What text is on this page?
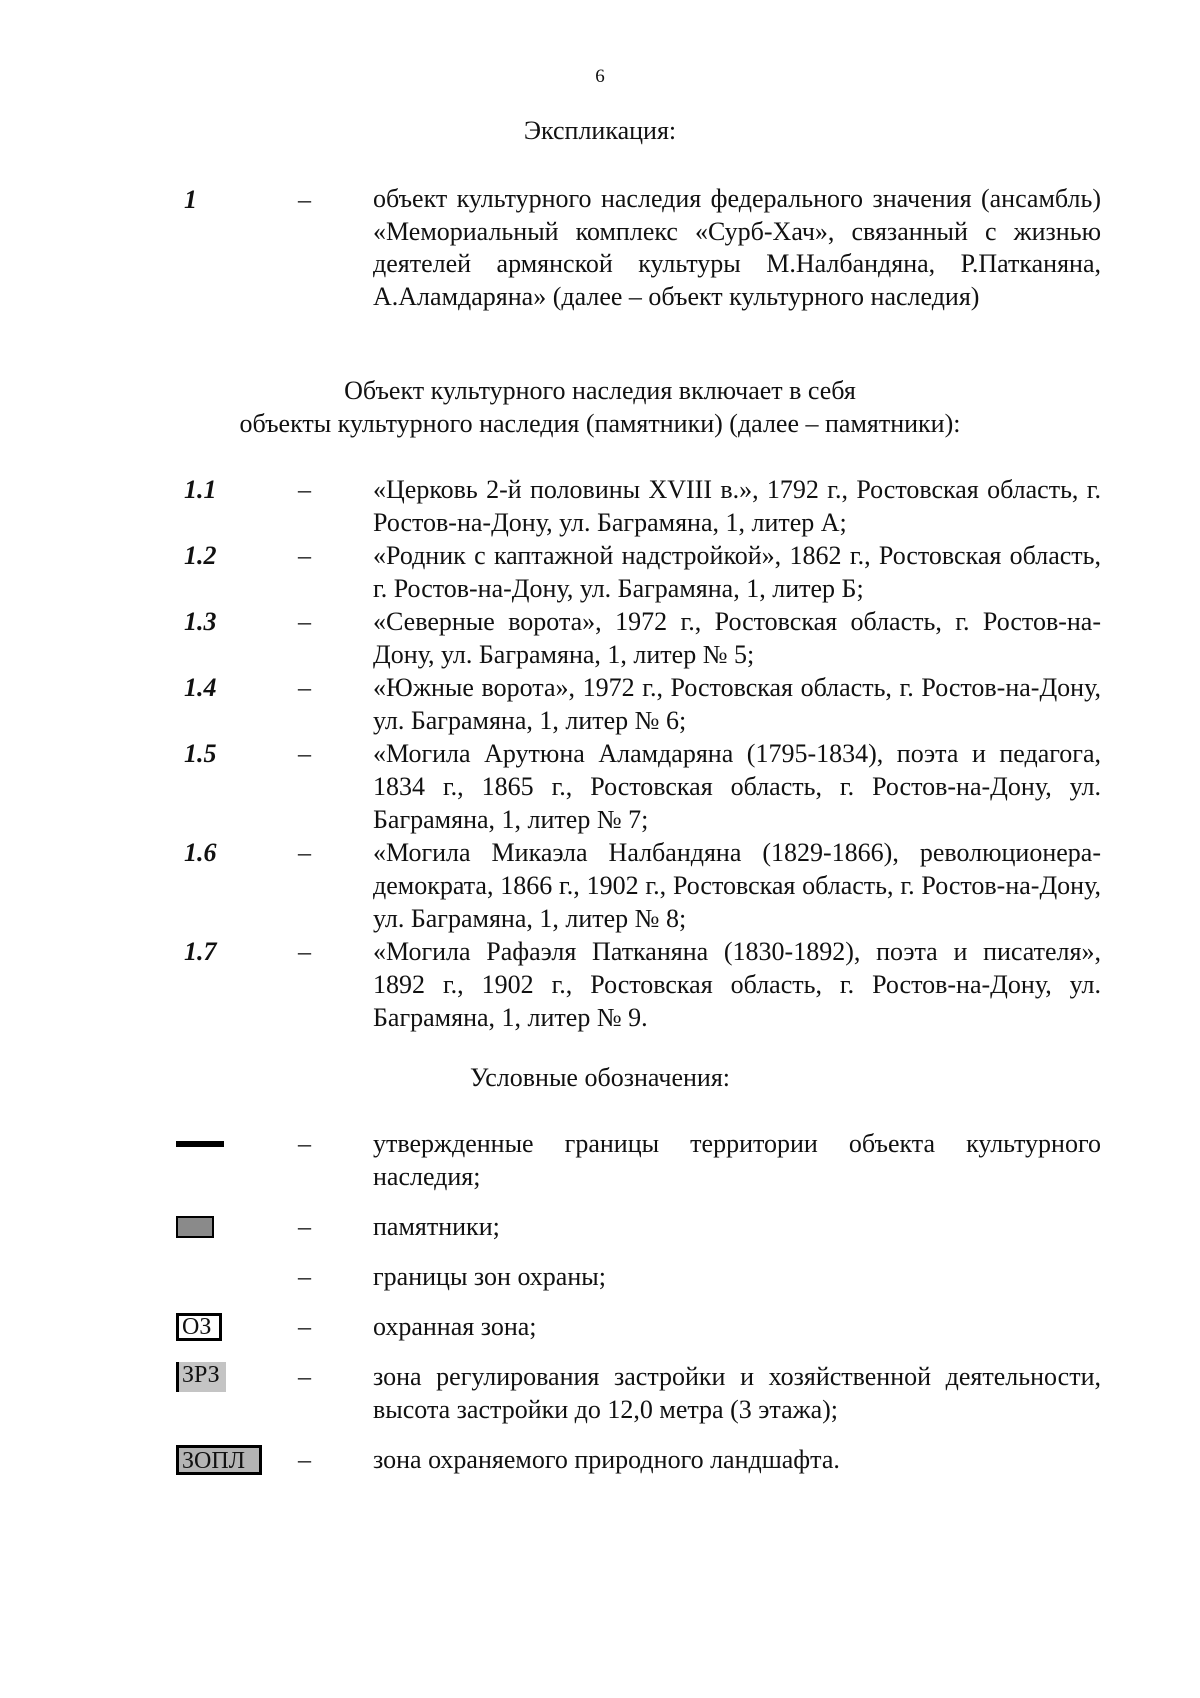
6
Экспликация:
1	– объект культурного наследия федерального значения (ансамбль) «Мемориальный комплекс «Сурб-Хач», связанный с жизнью деятелей армянской культуры М.Налбандяна, Р.Патканяна, А.Аламдаряна» (далее – объект культурного наследия)
Объект культурного наследия включает в себя
объекты культурного наследия (памятники) (далее – памятники):
1.1	– «Церковь 2-й половины XVIII в.», 1792 г., Ростовская область, г. Ростов-на-Дону, ул. Баграмяна, 1, литер А;
1.2	– «Родник с каптажной надстройкой», 1862 г., Ростовская область, г. Ростов-на-Дону, ул. Баграмяна, 1, литер Б;
1.3	– «Северные ворота», 1972 г., Ростовская область, г. Ростов-на-Дону, ул. Баграмяна, 1, литер № 5;
1.4	– «Южные ворота», 1972 г., Ростовская область, г. Ростов-на-Дону, ул. Баграмяна, 1, литер № 6;
1.5	– «Могила Арутюна Аламдаряна (1795-1834), поэта и педагога, 1834 г., 1865 г., Ростовская область, г. Ростов-на-Дону, ул. Баграмяна, 1, литер № 7;
1.6	– «Могила Микаэла Налбандяна (1829-1866), революционера-демократа, 1866 г., 1902 г., Ростовская область, г. Ростов-на-Дону, ул. Баграмяна, 1, литер № 8;
1.7	– «Могила Рафаэля Патканяна (1830-1892), поэта и писателя», 1892 г., 1902 г., Ростовская область, г. Ростов-на-Дону, ул. Баграмяна, 1, литер № 9.
Условные обозначения:
– утвержденные границы территории объекта культурного наследия;
– памятники;
– границы зон охраны;
ОЗ	– охранная зона;
ЗРЗ	– зона регулирования застройки и хозяйственной деятельности, высота застройки до 12,0 метра (3 этажа);
ЗОПЛ	– зона охраняемого природного ландшафта.
